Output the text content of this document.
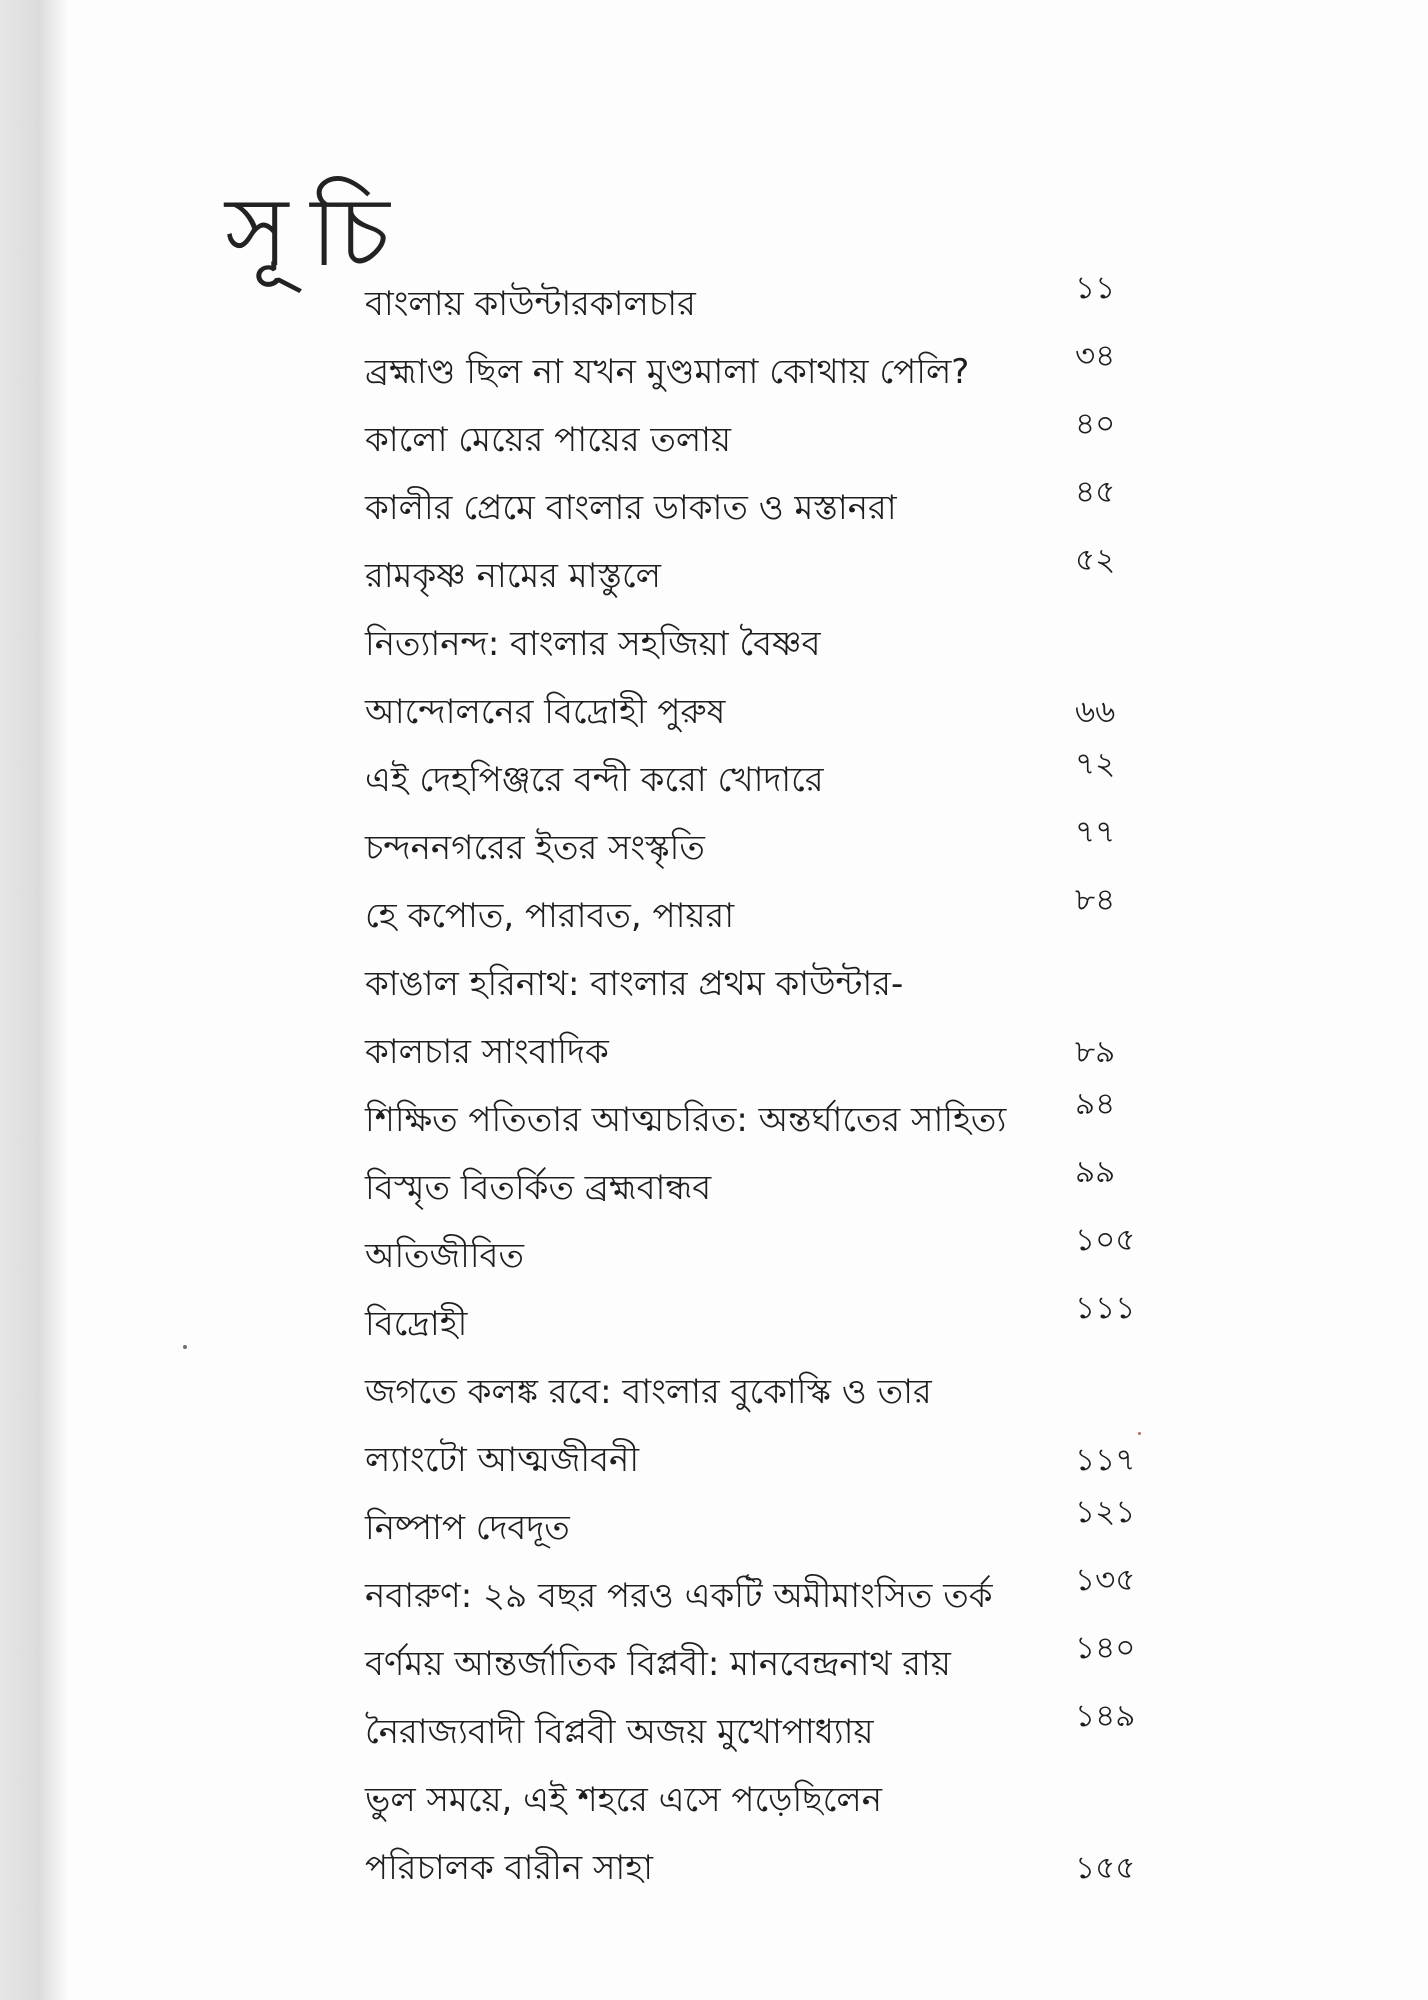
সূচি
বাংলায় কাউন্টারকালচার	১১
ব্রহ্মাণ্ড ছিল না যখন মুণ্ডমালা কোথায় পেলি?	৩৪
কালো মেয়ের পায়ের তলায়	৪০
কালীর প্রেমে বাংলার ডাকাত ও মস্তানরা	৪৫
রামকৃষ্ণ নামের মাস্তুলে	৫২
নিত্যানন্দ: বাংলার সহজিয়া বৈষ্ণব
আন্দোলনের বিদ্রোহী পুরুষ	৬৬
এই দেহপিঞ্জরে বন্দী করো খোদারে	৭২
চন্দননগরের ইতর সংস্কৃতি	৭৭
হে কপোত, পারাবত, পায়রা	৮৪
কাঙাল হরিনাথ: বাংলার প্রথম কাউন্টার-
কালচার সাংবাদিক	৮৯
শিক্ষিত পতিতার আত্মচরিত: অন্তর্ঘাতের সাহিত্য	৯৪
বিস্মৃত বিতর্কিত ব্রহ্মবান্ধব	৯৯
অতিজীবিত	১০৫
বিদ্রোহী	১১১
জগতে কলঙ্ক রবে: বাংলার বুকোস্কি ও তার
ল্যাংটো আত্মজীবনী	১১৭
নিষ্পাপ দেবদূত	১২১
নবারুণ: ২৯ বছর পরও একটি অমীমাংসিত তর্ক	১৩৫
বর্ণময় আন্তর্জাতিক বিপ্লবী: মানবেন্দ্রনাথ রায়	১৪০
নৈরাজ্যবাদী বিপ্লবী অজয় মুখোপাধ্যায়	১৪৯
ভুল সময়ে, এই শহরে এসে পড়েছিলেন
পরিচালক বারীন সাহা	১৫৫
